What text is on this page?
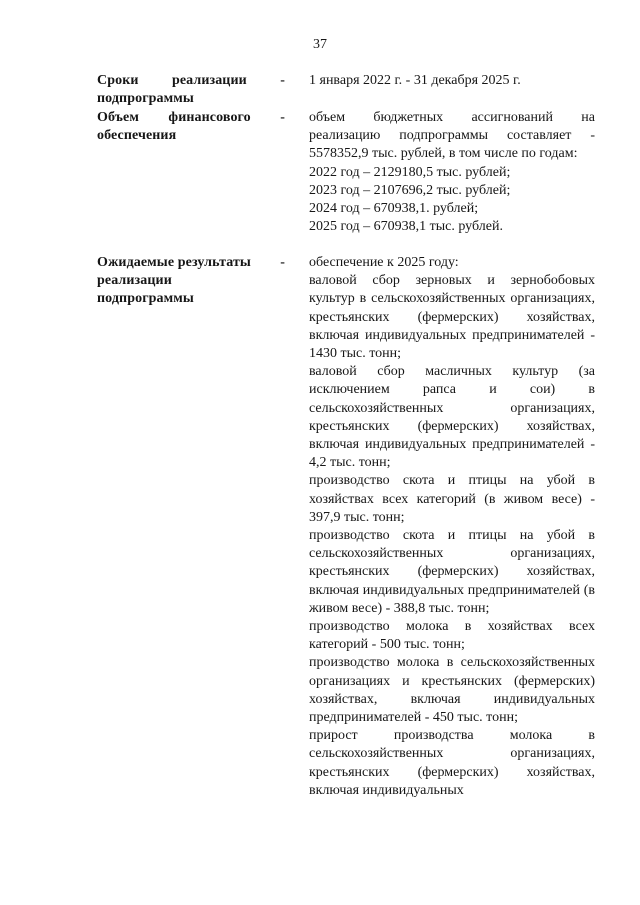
37
Сроки реализации -
подпрограммы
1 января 2022 г. - 31 декабря 2025 г.
Объем финансового -
обеспечения
объем бюджетных ассигнований на реализацию подпрограммы составляет - 5578352,9 тыс. рублей, в том числе по годам:
2022 год – 2129180,5 тыс. рублей;
2023 год – 2107696,2 тыс. рублей;
2024 год – 670938,1. рублей;
2025 год – 670938,1 тыс. рублей.
Ожидаемые результаты -
реализации
подпрограммы
обеспечение к 2025 году:
валовой сбор зерновых и зернобобовых культур в сельскохозяйственных организациях, крестьянских (фермерских) хозяйствах, включая индивидуальных предпринимателей - 1430 тыс. тонн;
валовой сбор масличных культур (за исключением рапса и сои) в сельскохозяйственных организациях, крестьянских (фермерских) хозяйствах, включая индивидуальных предпринимателей - 4,2 тыс. тонн;
производство скота и птицы на убой в хозяйствах всех категорий (в живом весе) - 397,9 тыс. тонн;
производство скота и птицы на убой в сельскохозяйственных организациях, крестьянских (фермерских) хозяйствах, включая индивидуальных предпринимателей (в живом весе) - 388,8 тыс. тонн;
производство молока в хозяйствах всех категорий - 500 тыс. тонн;
производство молока в сельскохозяйственных организациях и крестьянских (фермерских) хозяйствах, включая индивидуальных предпринимателей - 450 тыс. тонн;
прирост производства молока в сельскохозяйственных организациях, крестьянских (фермерских) хозяйствах, включая индивидуальных
